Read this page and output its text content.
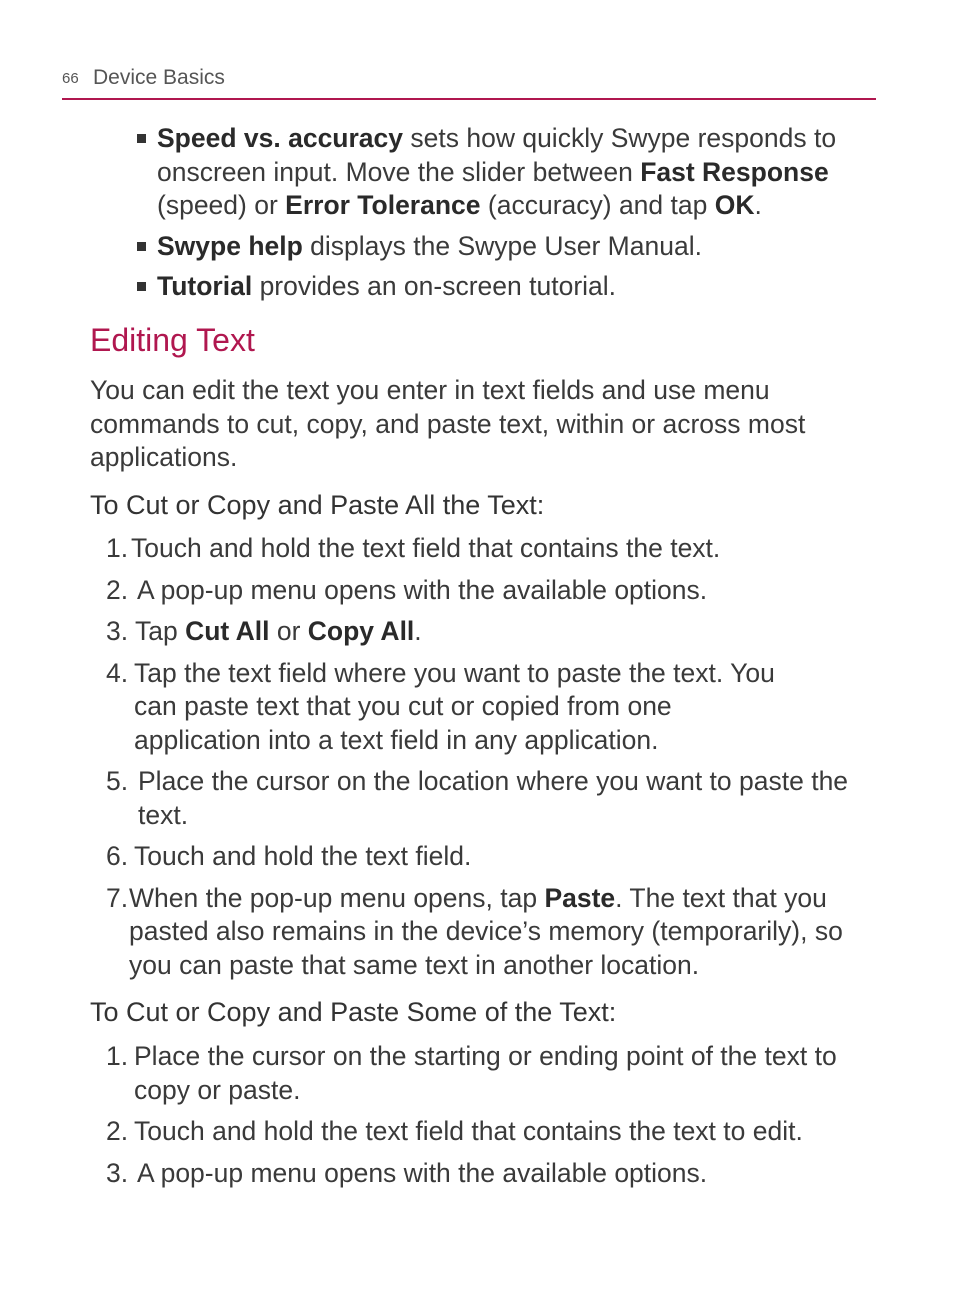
66 Device Basics
Speed vs. accuracy sets how quickly Swype responds to onscreen input. Move the slider between Fast Response (speed) or Error Tolerance (accuracy) and tap OK.
Swype help displays the Swype User Manual.
Tutorial provides an on-screen tutorial.
Editing Text
You can edit the text you enter in text fields and use menu commands to cut, copy, and paste text, within or across most applications.
To Cut or Copy and Paste All the Text:
1. Touch and hold the text field that contains the text.
2. A pop-up menu opens with the available options.
3. Tap Cut All or Copy All.
4. Tap the text field where you want to paste the text. You can paste text that you cut or copied from one application into a text field in any application.
5. Place the cursor on the location where you want to paste the text.
6. Touch and hold the text field.
7. When the pop-up menu opens, tap Paste. The text that you pasted also remains in the device’s memory (temporarily), so you can paste that same text in another location.
To Cut or Copy and Paste Some of the Text:
1. Place the cursor on the starting or ending point of the text to copy or paste.
2. Touch and hold the text field that contains the text to edit.
3. A pop-up menu opens with the available options.
